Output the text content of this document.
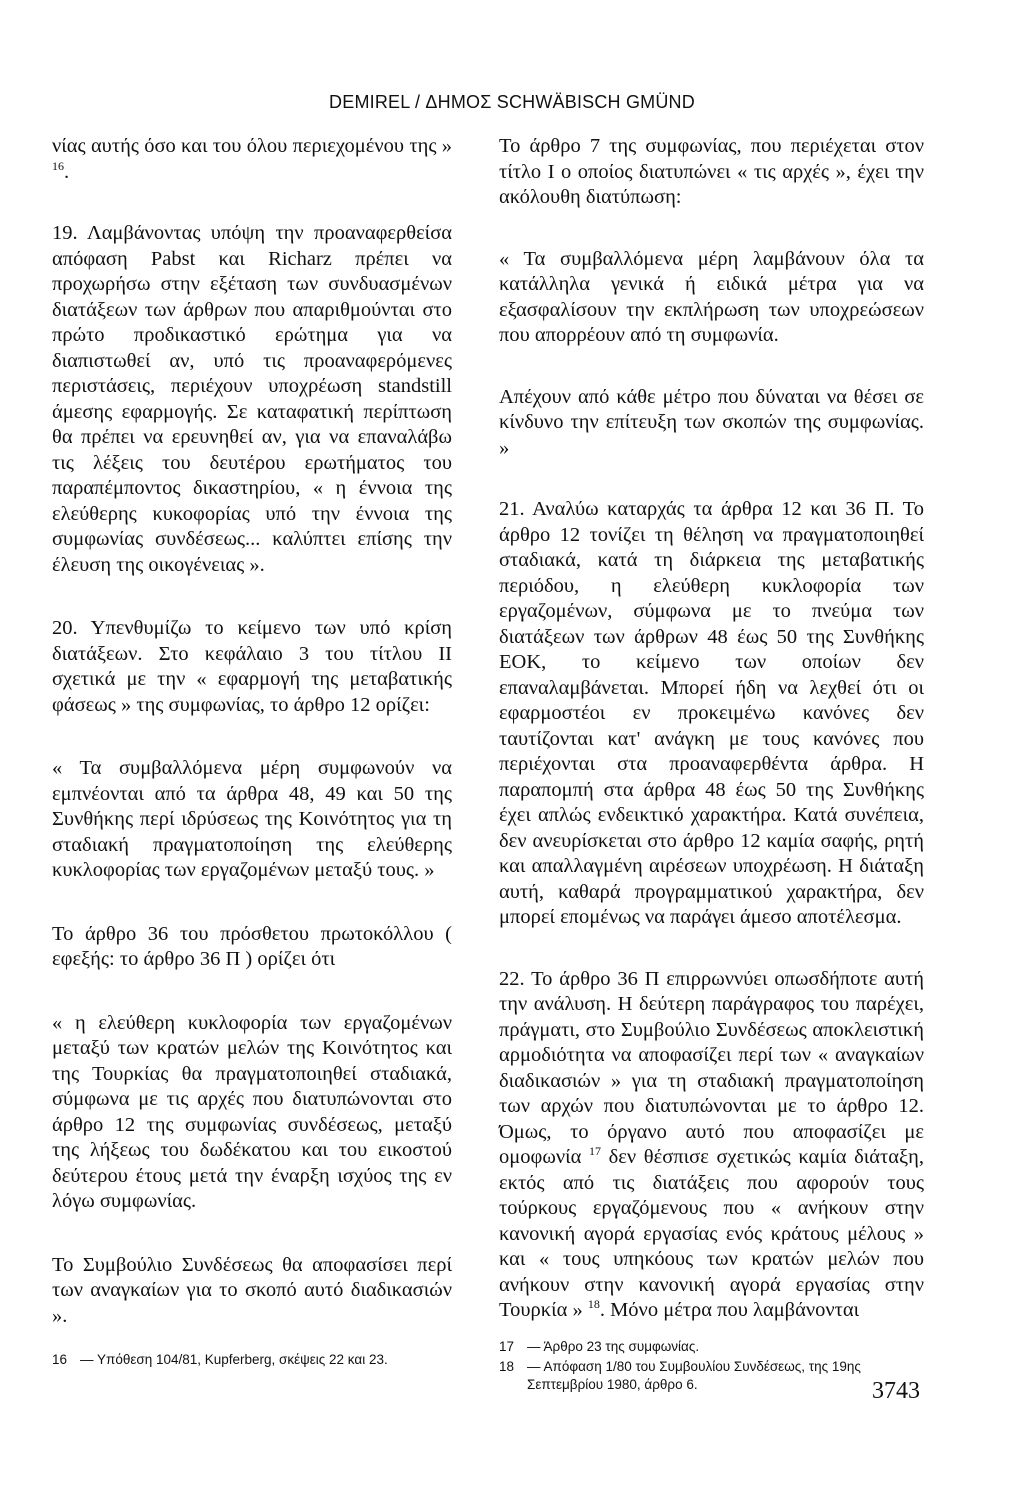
DEMIREL / ΔΗΜΟΣ SCHWÄBISCH GMÜND

νίας αυτής όσο και του όλου περιεχομένου της » $^{16}$.

19. Λαμβάνοντας υπόψη την προαναφερθείσα απόφαση Pabst και Richarz πρέπει να προχωρήσω στην εξέταση των συνδυασμένων διατάξεων των άρθρων που απαριθμούνται στο πρώτο προδικαστικό ερώτημα για να διαπιστωθεί αν, υπό τις προαναφερόμενες περιστάσεις, περιέχουν υποχρέωση standstill άμεσης εφαρμογής. Σε καταφατική περίπτωση θα πρέπει να ερευνηθεί αν, για να επαναλάβω τις λέξεις του δευτέρου ερωτήματος του παραπέμποντος δικαστηρίου, « η έννοια της ελεύθερης κυκοφορίας υπό την έννοια της συμφωνίας συνδέσεως... καλύπτει επίσης την έλευση της οικογένειας ».

20. Υπενθυμίζω το κείμενο των υπό κρίση διατάξεων. Στο κεφάλαιο 3 του τίτλου II σχετικά με την « εφαρμογή της μεταβατικής φάσεως » της συμφωνίας, το άρθρο 12 ορίζει:

« Τα συμβαλλόμενα μέρη συμφωνούν να εμπνέονται από τα άρθρα 48, 49 και 50 της Συνθήκης περί ιδρύσεως της Κοινότητος για τη σταδιακή πραγματοποίηση της ελεύθερης κυκλοφορίας των εργαζομένων μεταξύ τους. »

Το άρθρο 36 του πρόσθετου πρωτοκόλλου ( εφεξής: το άρθρο 36 Π ) ορίζει ότι

« η ελεύθερη κυκλοφορία των εργαζομένων μεταξύ των κρατών μελών της Κοινότητος και της Τουρκίας θα πραγματοποιηθεί σταδιακά, σύμφωνα με τις αρχές που διατυπώνονται στο άρθρο 12 της συμφωνίας συνδέσεως, μεταξύ της λήξεως του δωδέκατου και του εικοστού δεύτερου έτους μετά την έναρξη ισχύος της εν λόγω συμφωνίας.

Το Συμβούλιο Συνδέσεως θα αποφασίσει περί των αναγκαίων για το σκοπό αυτό διαδικασιών ».

16 — Υπόθεση 104/81, Kupferberg, σκέψεις 22 και 23.

Το άρθρο 7 της συμφωνίας, που περιέχεται στον τίτλο I ο οποίος διατυπώνει « τις αρχές », έχει την ακόλουθη διατύπωση:

« Τα συμβαλλόμενα μέρη λαμβάνουν όλα τα κατάλληλα γενικά ή ειδικά μέτρα για να εξασφαλίσουν την εκπλήρωση των υποχρεώσεων που απορρέουν από τη συμφωνία.

Απέχουν από κάθε μέτρο που δύναται να θέσει σε κίνδυνο την επίτευξη των σκοπών της συμφωνίας. »

21. Αναλύω καταρχάς τα άρθρα 12 και 36 Π. Το άρθρο 12 τονίζει τη θέληση να πραγματοποιηθεί σταδιακά, κατά τη διάρκεια της μεταβατικής περιόδου, η ελεύθερη κυκλοφορία των εργαζομένων, σύμφωνα με το πνεύμα των διατάξεων των άρθρων 48 έως 50 της Συνθήκης ΕΟΚ, το κείμενο των οποίων δεν επαναλαμβάνεται. Μπορεί ήδη να λεχθεί ότι οι εφαρμοστέοι εν προκειμένω κανόνες δεν ταυτίζονται κατ' ανάγκη με τους κανόνες που περιέχονται στα προαναφερθέντα άρθρα. Η παραπομπή στα άρθρα 48 έως 50 της Συνθήκης έχει απλώς ενδεικτικό χαρακτήρα. Κατά συνέπεια, δεν ανευρίσκεται στο άρθρο 12 καμία σαφής, ρητή και απαλλαγμένη αιρέσεων υποχρέωση. Η διάταξη αυτή, καθαρά προγραμματικού χαρακτήρα, δεν μπορεί επομένως να παράγει άμεσο αποτέλεσμα.

22. Το άρθρο 36 Π επιρρωννύει οπωσδήποτε αυτή την ανάλυση. Η δεύτερη παράγραφος του παρέχει, πράγματι, στο Συμβούλιο Συνδέσεως αποκλειστική αρμοδιότητα να αποφασίζει περί των « αναγκαίων διαδικασιών » για τη σταδιακή πραγματοποίηση των αρχών που διατυπώνονται με το άρθρο 12. Όμως, το όργανο αυτό που αποφασίζει με ομοφωνία $^{17}$ δεν θέσπισε σχετικώς καμία διάταξη, εκτός από τις διατάξεις που αφορούν τους τούρκους εργαζόμενους που « ανήκουν στην κανονική αγορά εργασίας ενός κράτους μέλους » και « τους υπηκόους των κρατών μελών που ανήκουν στην κανονική αγορά εργασίας στην Τουρκία » $^{18}$. Μόνο μέτρα που λαμβάνονται

17 — Άρθρο 23 της συμφωνίας.
18 — Απόφαση 1/80 του Συμβουλίου Συνδέσεως, της 19ης Σεπτεμβρίου 1980, άρθρο 6.	3743
